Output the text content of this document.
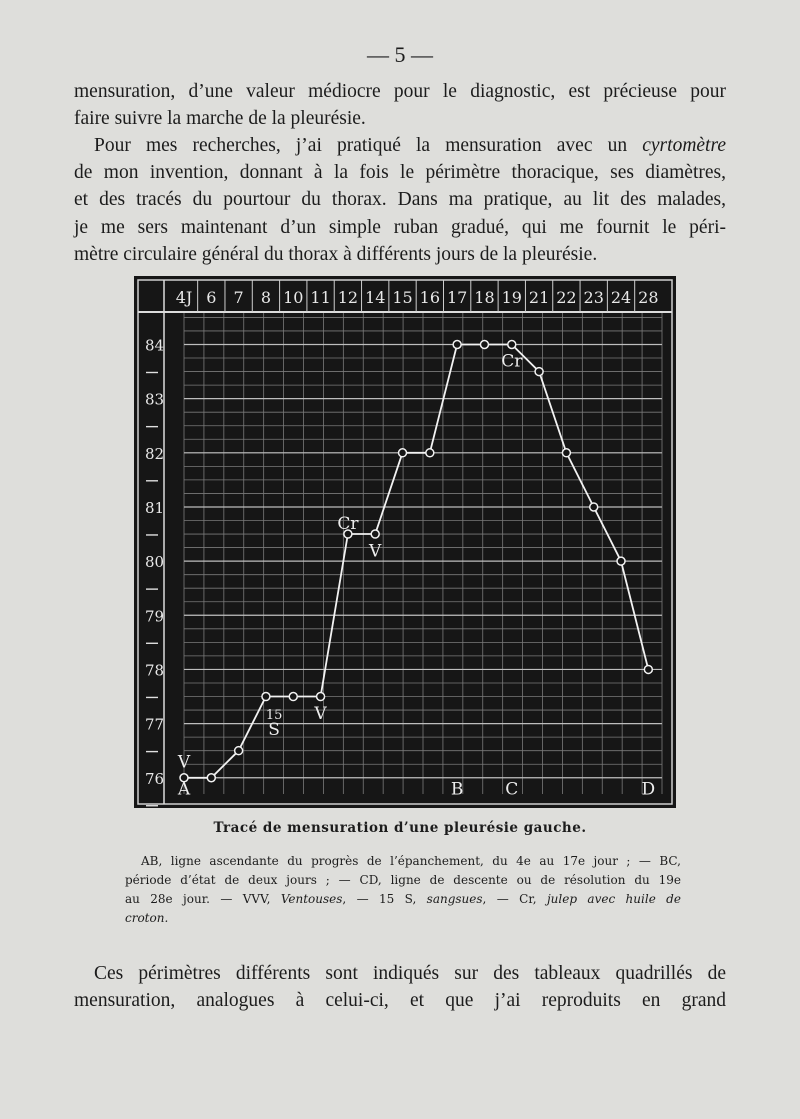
— 5 —
mensuration, d’une valeur médiocre pour le diagnostic, est précieuse pour
faire suivre la marche de la pleurésie.
Pour mes recherches, j’ai pratiqué la mensuration avec un cyrtomètre
de mon invention, donnant à la fois le périmètre thoracique, ses diamètres,
et des tracés du pourtour du thorax. Dans ma pratique, au lit des malades,
je me sers maintenant d’un simple ruban gradué, qui me fournit le péri-
mètre circulaire général du thorax à différents jours de la pleurésie.
4J 6 7 8 10 11 12 14 15 16 17 18 19 21 22 23 24 28
84
83
82
81
80
79
78
77
76
V
A
15
S
V
Cr
V
Cr
B C	D
Tracé de mensuration d’une pleurésie gauche.
AB, ligne ascendante du progrès de l’épanchement, du 4e au 17e jour ; — BC,
période d’état de deux jours ; — CD, ligne de descente ou de résolution du 19e
au 28e jour. — VVV, Ventouses, — 15 S, sangsues, — Cr, julep avec huile de
croton.
Ces périmètres différents sont indiqués sur des tableaux quadrillés de
mensuration, analogues à celui-ci, et que j’ai reproduits en grand
